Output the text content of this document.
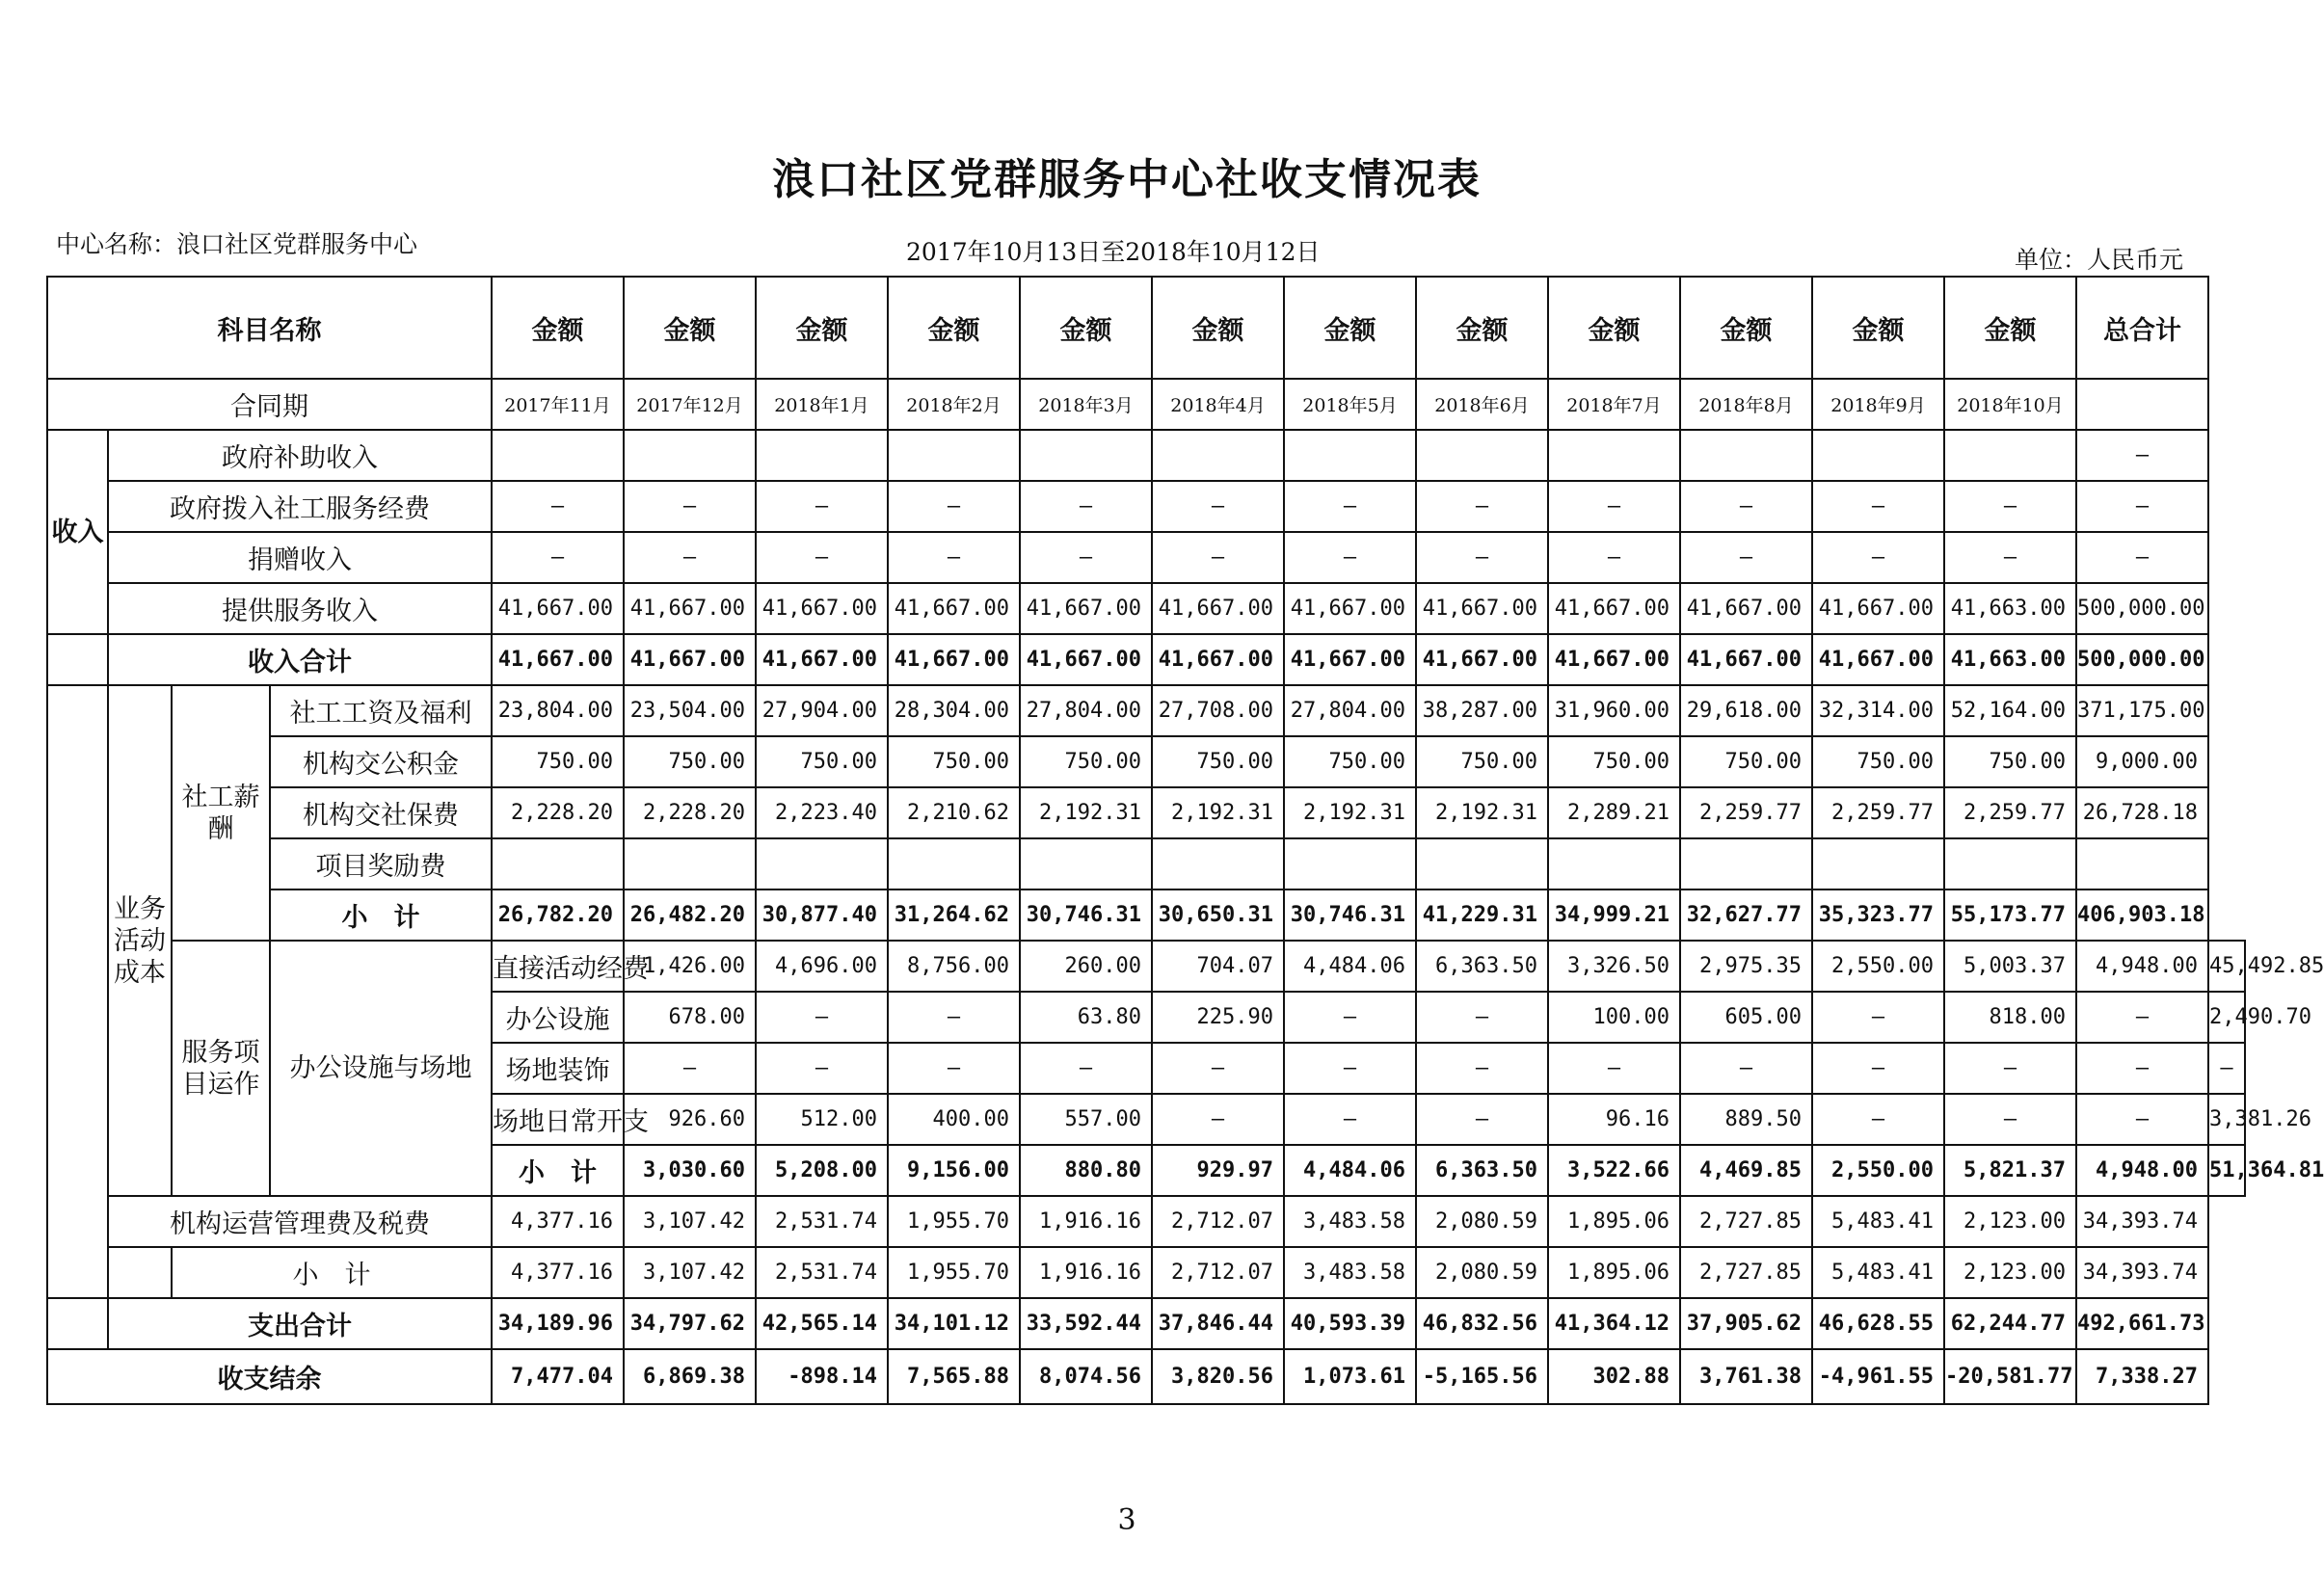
浪口社区党群服务中心社收支情况表
中心名称：浪口社区党群服务中心	2017年10月13日至2018年10月12日	单位：人民币元
科目名称				金额	金额	金额	金额	金额	金额	金额	金额	金额	金额	金额	金额	总合计	
合同期				2017年11月	2017年12月	2018年1月	2018年2月	2018年3月	2018年4月	2018年5月	2018年6月	2018年7月	2018年8月	2018年9月	2018年10月		
收入	政府补助收入															–	
	政府拨入社工服务经费			–	–	–	–	–	–	–	–	–	–	–	–	–	
	捐赠收入			–	–	–	–	–	–	–	–	–	–	–	–	–	
	提供服务收入			41,667.00	41,667.00	41,667.00	41,667.00	41,667.00	41,667.00	41,667.00	41,667.00	41,667.00	41,667.00	41,667.00	41,663.00	500,000.00	
	收入合计			41,667.00	41,667.00	41,667.00	41,667.00	41,667.00	41,667.00	41,667.00	41,667.00	41,667.00	41,667.00	41,667.00	41,663.00	500,000.00	
	业务活动成本	社工薪酬	社工工资及福利	23,804.00	23,504.00	27,904.00	28,304.00	27,804.00	27,708.00	27,804.00	38,287.00	31,960.00	29,618.00	32,314.00	52,164.00	371,175.00	
			机构交公积金	750.00	750.00	750.00	750.00	750.00	750.00	750.00	750.00	750.00	750.00	750.00	750.00	9,000.00	
			机构交社保费	2,228.20	2,228.20	2,223.40	2,210.62	2,192.31	2,192.31	2,192.31	2,192.31	2,289.21	2,259.77	2,259.77	2,259.77	26,728.18	
			项目奖励费														
			小　计	26,782.20	26,482.20	30,877.40	31,264.62	30,746.31	30,650.31	30,746.31	41,229.31	34,999.21	32,627.77	35,323.77	55,173.77	406,903.18	
		服务项目运作	办公设施与场地	直接活动经费	1,426.00	4,696.00	8,756.00	260.00	704.07	4,484.06	6,363.50	3,326.50	2,975.35	2,550.00	5,003.37	4,948.00	45,492.85
				办公设施	678.00	–	–	63.80	225.90	–	–	100.00	605.00	–	818.00	–	2,490.70
				场地装饰	–	–	–	–	–	–	–	–	–	–	–	–	–
				场地日常开支	926.60	512.00	400.00	557.00	–	–	–	96.16	889.50	–	–	–	3,381.26
				小　计	3,030.60	5,208.00	9,156.00	880.80	929.97	4,484.06	6,363.50	3,522.66	4,469.85	2,550.00	5,821.37	4,948.00	51,364.81
	机构运营管理费及税费			4,377.16	3,107.42	2,531.74	1,955.70	1,916.16	2,712.07	3,483.58	2,080.59	1,895.06	2,727.85	5,483.41	2,123.00	34,393.74	
		小　计		4,377.16	3,107.42	2,531.74	1,955.70	1,916.16	2,712.07	3,483.58	2,080.59	1,895.06	2,727.85	5,483.41	2,123.00	34,393.74	
	支出合计			34,189.96	34,797.62	42,565.14	34,101.12	33,592.44	37,846.44	40,593.39	46,832.56	41,364.12	37,905.62	46,628.55	62,244.77	492,661.73	
收支结余				7,477.04	6,869.38	-898.14	7,565.88	8,074.56	3,820.56	1,073.61	-5,165.56	302.88	3,761.38	-4,961.55	-20,581.77	7,338.27	
3
